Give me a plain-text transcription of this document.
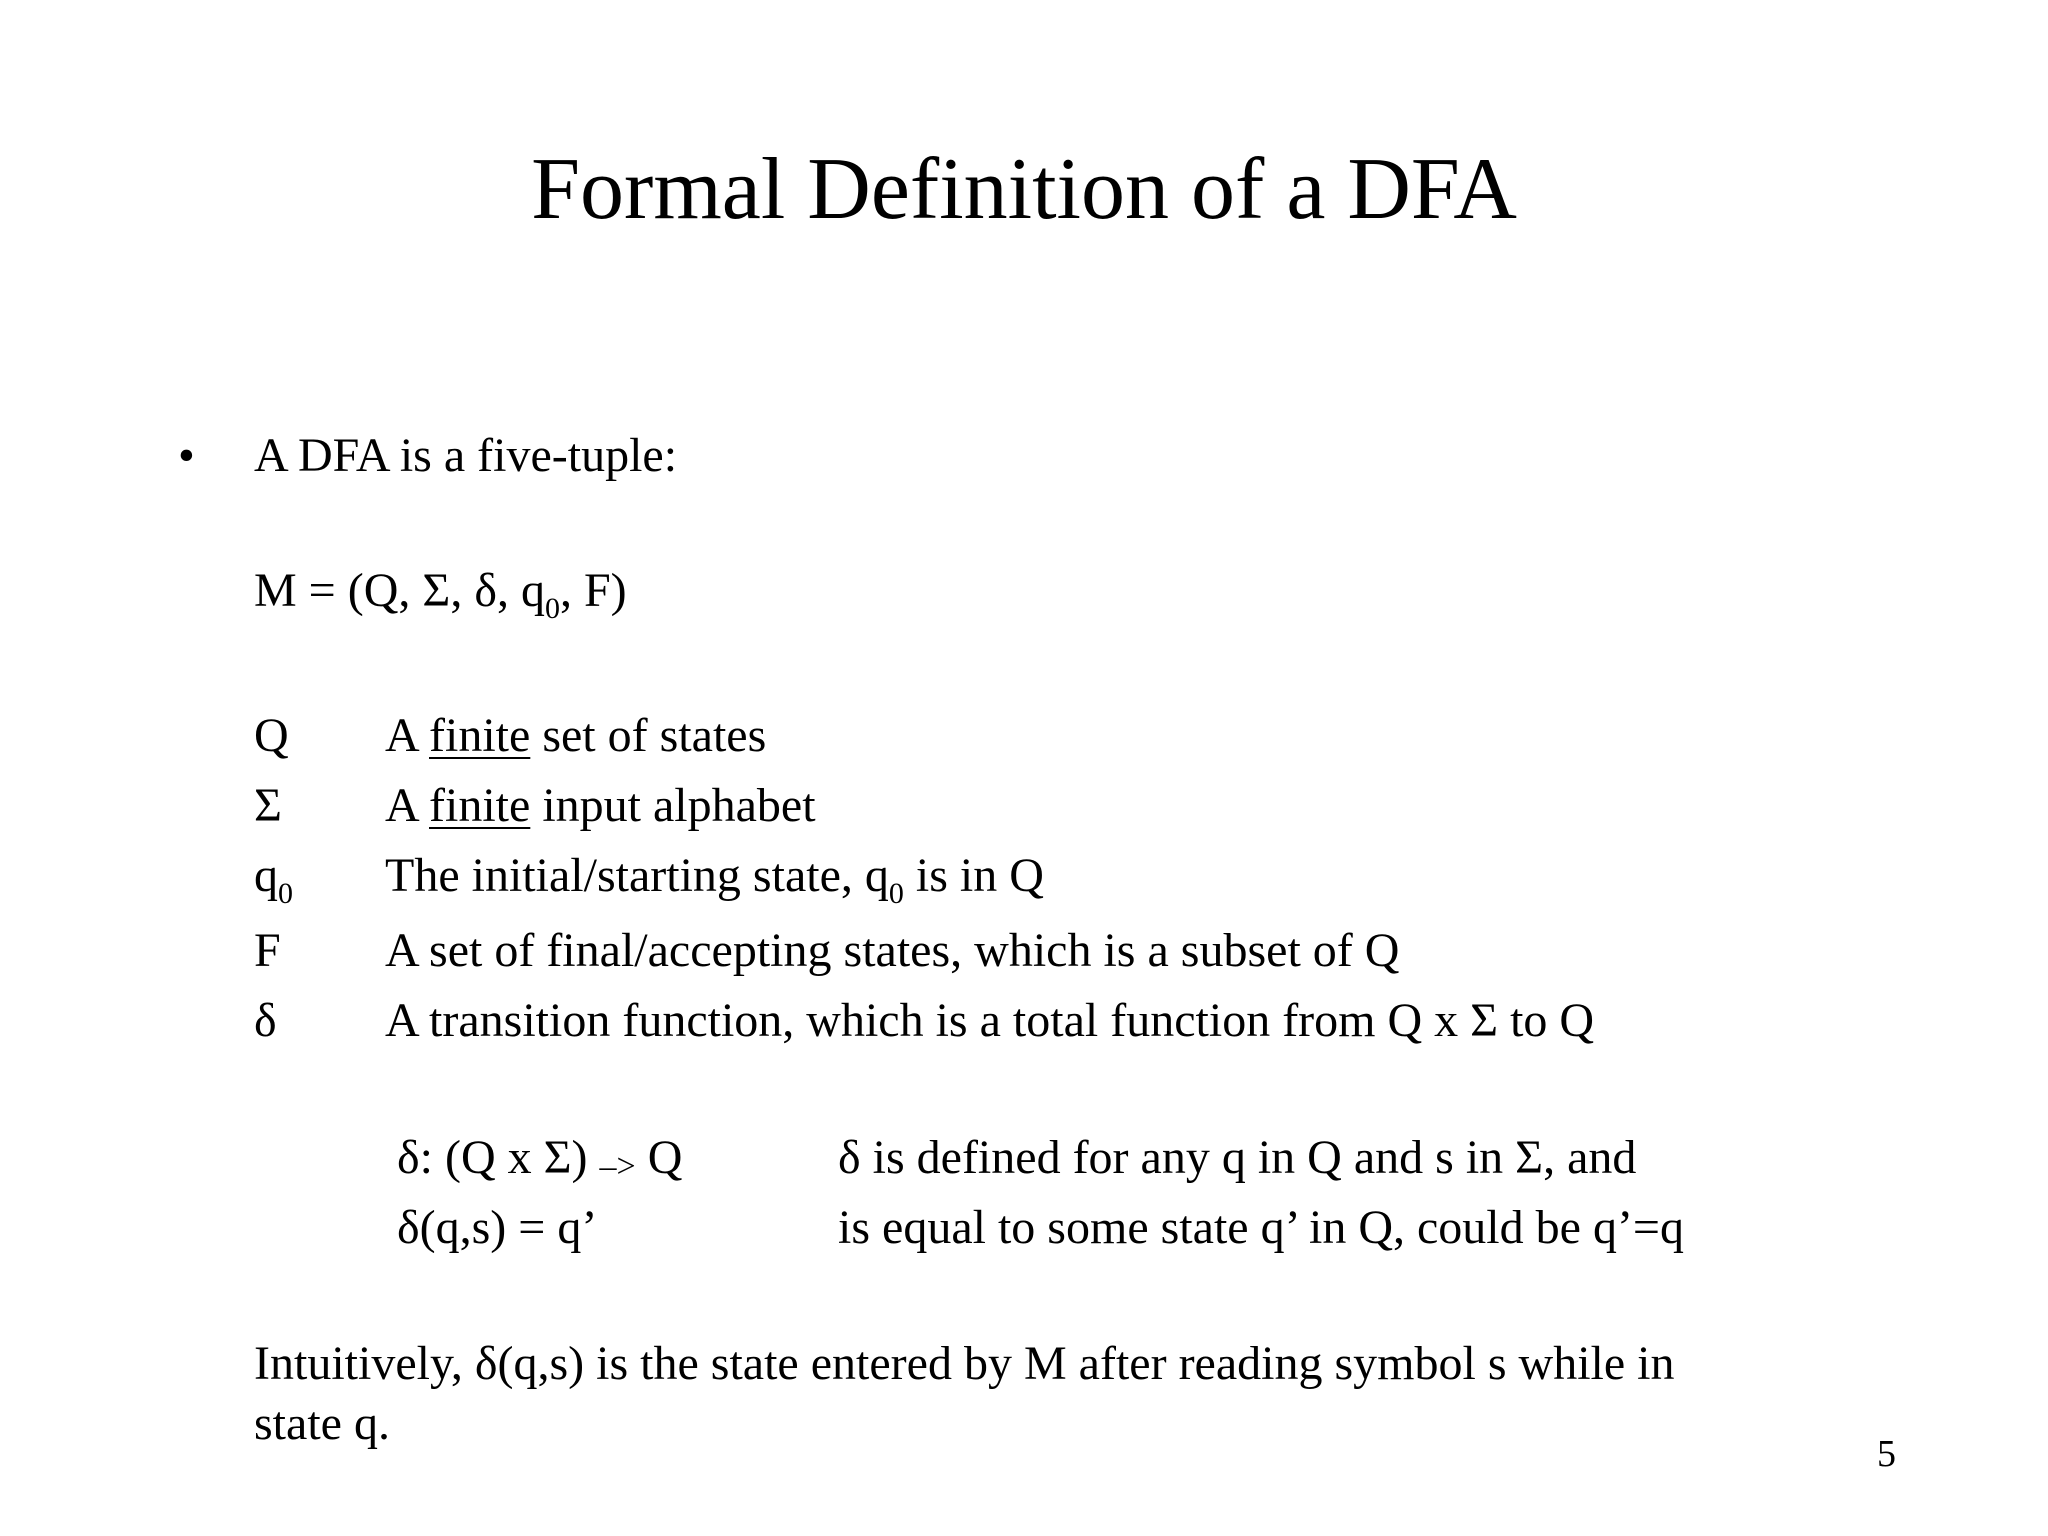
Formal Definition of a DFA
• A DFA is a five-tuple:
M = (Q, Σ, δ, $q_0$, F)
Q A finite set of states
Σ A finite input alphabet
$q_0$ The initial/starting state, $q_0$ is in Q
F A set of final/accepting states, which is a subset of Q
δ A transition function, which is a total function from Q x Σ to Q
δ: (Q x Σ) –> Q	δ is defined for any q in Q and s in Σ, and
δ(q,s) = q’	is equal to some state q’ in Q, could be q’=q
Intuitively, δ(q,s) is the state entered by M after reading symbol s while in
state q.
5
